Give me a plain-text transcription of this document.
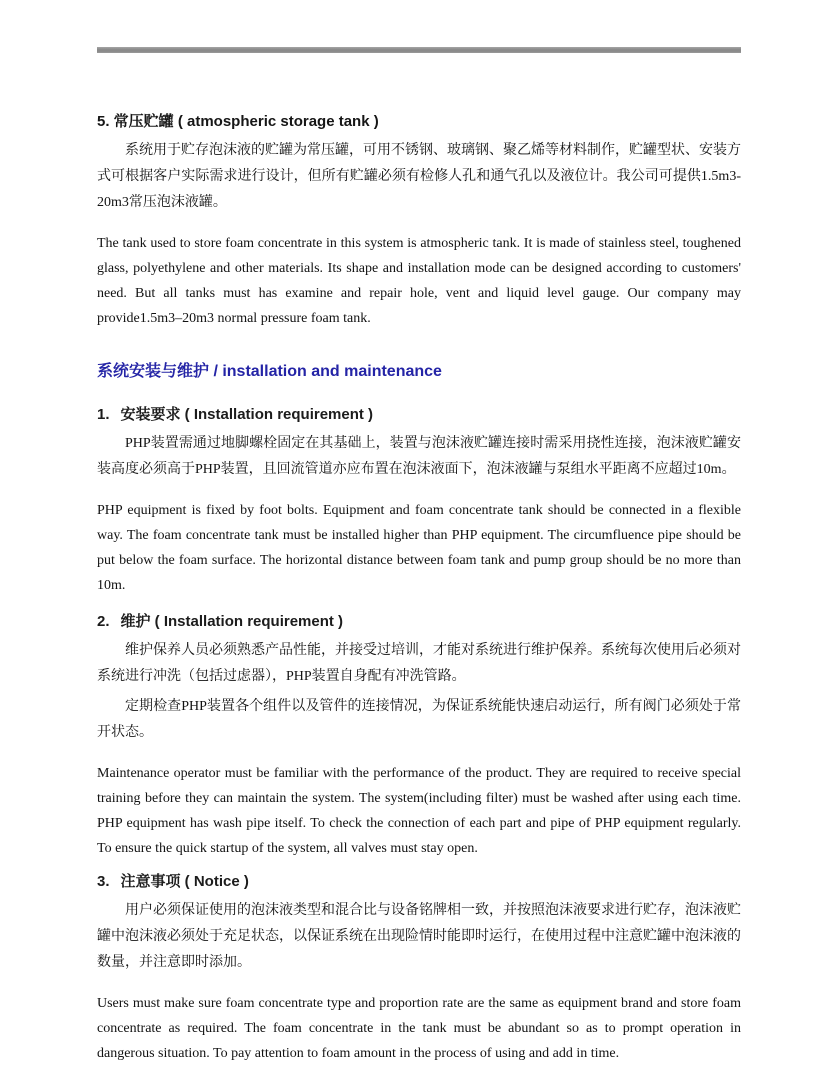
5. 常压贮罐 ( atmospheric storage tank )

系统用于贮存泡沫液的贮罐为常压罐，可用不锈钢、玻璃钢、聚乙烯等材料制作，贮罐型状、安装方式可根据客户实际需求进行设计，但所有贮罐必须有检修人孔和通气孔以及液位计。我公司可提供1.5m3-20m3常压泡沫液罐。

The tank used to store foam concentrate in this system is atmospheric tank. It is made of stainless steel, toughened glass, polyethylene and other materials. Its shape and installation mode can be designed according to customers' need. But all tanks must has examine and repair hole, vent and liquid level gauge. Our company may provide1.5m3–20m3 normal pressure foam tank.

系统安装与维护 / installation and maintenance
1. 安装要求 ( Installation requirement )

PHP装置需通过地脚螺栓固定在其基础上，装置与泡沫液贮罐连接时需采用挠性连接，泡沫液贮罐安装高度必须高于PHP装置，且回流管道亦应布置在泡沫液面下，泡沫液罐与泵组水平距离不应超过10m。

PHP equipment is fixed by foot bolts. Equipment and foam concentrate tank should be connected in a flexible way. The foam concentrate tank must be installed higher than PHP equipment. The circumfluence pipe should be put below the foam surface. The horizontal distance between foam tank and pump group should be no more than 10m.

2. 维护 ( Installation requirement )

维护保养人员必须熟悉产品性能，并接受过培训，才能对系统进行维护保养。系统每次使用后必须对系统进行冲洗（包括过虑器），PHP装置自身配有冲洗管路。

定期检查PHP装置各个组件以及管件的连接情况，为保证系统能快速启动运行，所有阀门必须处于常开状态。

Maintenance operator must be familiar with the performance of the product. They are required to receive special training before they can maintain the system. The system(including filter) must be washed after using each time. PHP equipment has wash pipe itself. To check the connection of each part and pipe of PHP equipment regularly. To ensure the quick startup of the system, all valves must stay open.

3. 注意事项 ( Notice )

用户必须保证使用的泡沫液类型和混合比与设备铭牌相一致，并按照泡沫液要求进行贮存，泡沫液贮罐中泡沫液必须处于充足状态，以保证系统在出现险情时能即时运行，在使用过程中注意贮罐中泡沫液的数量，并注意即时添加。

Users must make sure foam concentrate type and proportion rate are the same as equipment brand and store foam concentrate as required. The foam concentrate in the tank must be abundant so as to prompt operation in dangerous situation. To pay attention to foam amount in the process of using and add in time.
